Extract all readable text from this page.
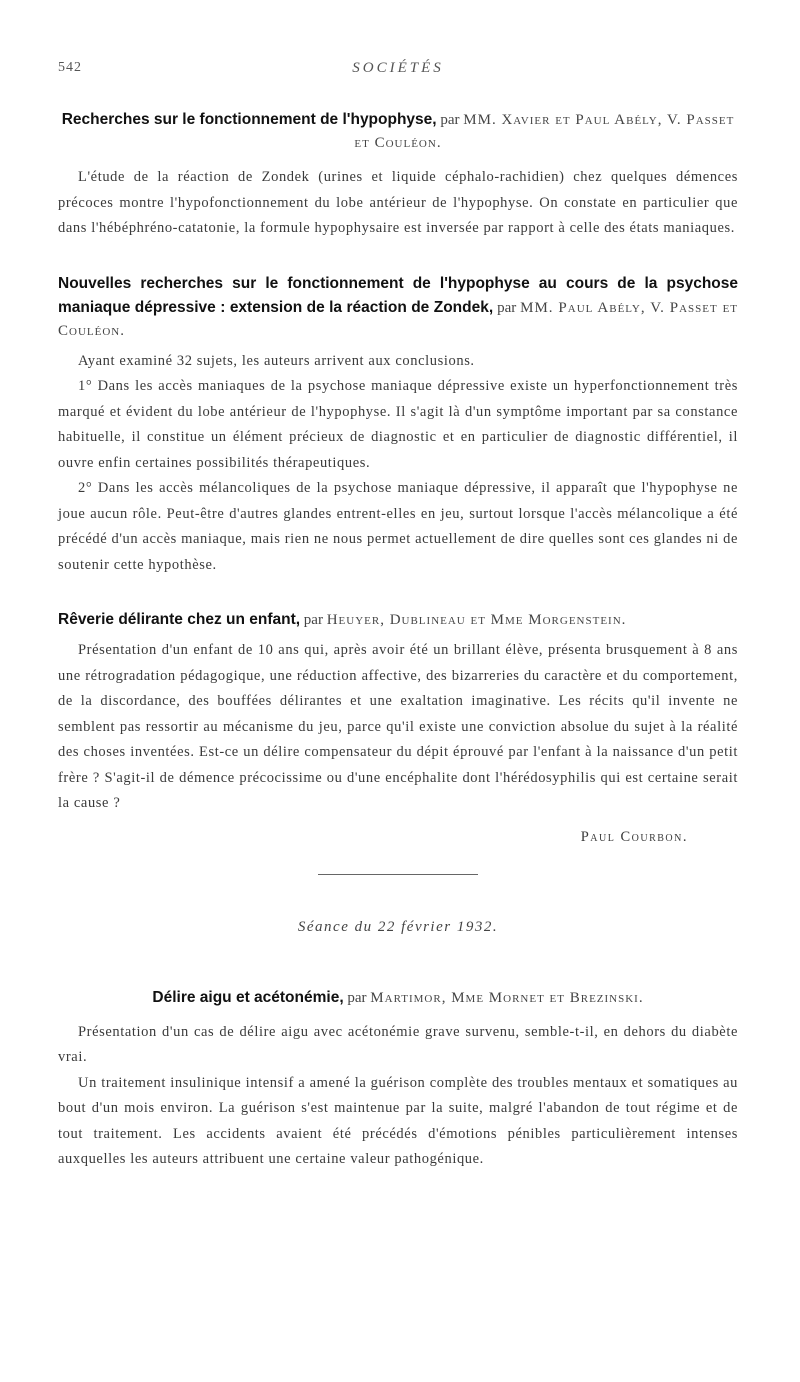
542	SOCIÉTÉS
Recherches sur le fonctionnement de l'hypophyse, par MM. Xavier et Paul Abély, V. Passet et Couléon.

L'étude de la réaction de Zondek (urines et liquide céphalo-rachidien) chez quelques démences précoces montre l'hypofonctionnement du lobe antérieur de l'hypophyse. On constate en particulier que dans l'hébéphréno-catatonie, la formule hypophysaire est inversée par rapport à celle des états maniaques.

Nouvelles recherches sur le fonctionnement de l'hypophyse au cours de la psychose maniaque dépressive : extension de la réaction de Zondek, par MM. Paul Abély, V. Passet et Couléon.

Ayant examiné 32 sujets, les auteurs arrivent aux conclusions.

1° Dans les accès maniaques de la psychose maniaque dépressive existe un hyperfonctionnement très marqué et évident du lobe antérieur de l'hypophyse. Il s'agit là d'un symptôme important par sa constance habituelle, il constitue un élément précieux de diagnostic et en particulier de diagnostic différentiel, il ouvre enfin certaines possibilités thérapeutiques.

2° Dans les accès mélancoliques de la psychose maniaque dépressive, il apparaît que l'hypophyse ne joue aucun rôle. Peut-être d'autres glandes entrent-elles en jeu, surtout lorsque l'accès mélancolique a été précédé d'un accès maniaque, mais rien ne nous permet actuellement de dire quelles sont ces glandes ni de soutenir cette hypothèse.

Rêverie délirante chez un enfant, par Heuyer, Dublineau et Mme Morgenstein.

Présentation d'un enfant de 10 ans qui, après avoir été un brillant élève, présenta brusquement à 8 ans une rétrogradation pédagogique, une réduction affective, des bizarreries du caractère et du comportement, de la discordance, des bouffées délirantes et une exaltation imaginative. Les récits qu'il invente ne semblent pas ressortir au mécanisme du jeu, parce qu'il existe une conviction absolue du sujet à la réalité des choses inventées. Est-ce un délire compensateur du dépit éprouvé par l'enfant à la naissance d'un petit frère ? S'agit-il de démence précocissime ou d'une encéphalite dont l'hérédosyphilis qui est certaine serait la cause ?

Paul Courbon.
Séance du 22 février 1932.
Délire aigu et acétonémie, par Martimor, Mme Mornet et Brezinski.

Présentation d'un cas de délire aigu avec acétonémie grave survenu, semble-t-il, en dehors du diabète vrai.

Un traitement insulinique intensif a amené la guérison complète des troubles mentaux et somatiques au bout d'un mois environ. La guérison s'est maintenue par la suite, malgré l'abandon de tout régime et de tout traitement. Les accidents avaient été précédés d'émotions pénibles particulièrement intenses auxquelles les auteurs attribuent une certaine valeur pathogénique.
